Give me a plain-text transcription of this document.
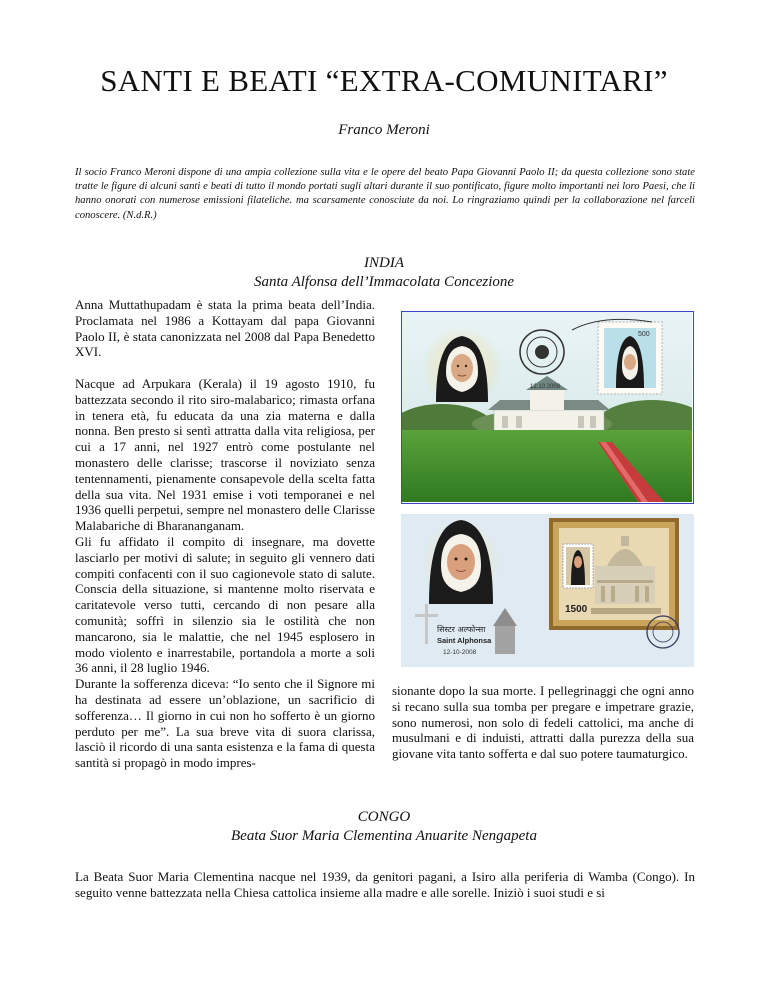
SANTI E BEATI “EXTRA-COMUNITARI”
Franco Meroni
Il socio Franco Meroni dispone di una ampia collezione sulla vita e le opere del beato Papa Giovanni Paolo II; da questa collezione sono state tratte le figure di alcuni santi e beati di tutto il mondo portati sugli altari durante il suo pontificato, figure molto importanti nei loro Paesi, che li hanno onorati con numerose emissioni filateliche. ma scarsamente conosciute da noi. Lo ringraziamo quindi per la collaborazione nel farceli conoscere. (N.d.R.)
INDIA
Santa Alfonsa dell’Immacolata Concezione

Anna Muttathupadam è stata la prima beata dell’India. Proclamata nel 1986 a Kottayam dal papa Giovanni Paolo II, è stata canonizzata nel 2008 dal Papa Benedetto XVI.

Nacque ad Arpukara (Kerala) il 19 agosto 1910, fu battezzata secondo il rito siro-malabarico; rimasta orfana in tenera età, fu educata da una zia materna e dalla nonna. Ben presto si sentì attratta dalla vita religiosa, per cui a 17 anni, nel 1927 entrò come postulante nel monastero delle clarisse; trascorse il noviziato senza tentennamenti, pienamente consapevole della scelta fatta della sua vita. Nel 1931 emise i voti temporanei e nel 1936 quelli perpetui, sempre nel monastero delle Clarisse Malabariche di Bharananganam.

Gli fu affidato il compito di insegnare, ma dovette lasciarlo per motivi di salute; in seguito gli vennero dati compiti confacenti con il suo cagionevole stato di salute. Conscia della situazione, si mantenne molto riservata e caritatevole verso tutti, cercando di non pesare alla comunità; soffrì in silenzio sia le ostilità che non mancarono, sia le malattie, che nel 1945 esplosero in modo violento e inarrestabile, portandola a morte a soli 36 anni, il 28 luglio 1946.

Durante la sofferenza diceva: “Io sento che il Signore mi ha destinata ad essere un’oblazione, un sacrificio di sofferenza… Il giorno in cui non ho sofferto è un giorno perduto per me”. La sua breve vita di suora clarissa, lasciò il ricordo di una santa esistenza e la fama di questa santità si propagò in modo impres-

12.10.2008
500
1500
सिस्टर अल्फोन्सा
Saint Alphonsa
12-10-2008

sionante dopo la sua morte. I pellegrinaggi che ogni anno si recano sulla sua tomba per pregare e impetrare grazie, sono numerosi, non solo di fedeli cattolici, ma anche di musulmani e di induisti, attratti dalla purezza della sua giovane vita tanto sofferta e dal suo potere taumaturgico.

CONGO
Beata Suor Maria Clementina Anuarite Nengapeta
La Beata Suor Maria Clementina nacque nel 1939, da genitori pagani, a Isiro alla periferia di Wamba (Congo). In seguito venne battezzata nella Chiesa cattolica insieme alla madre e alle sorelle. Iniziò i suoi studi e si
